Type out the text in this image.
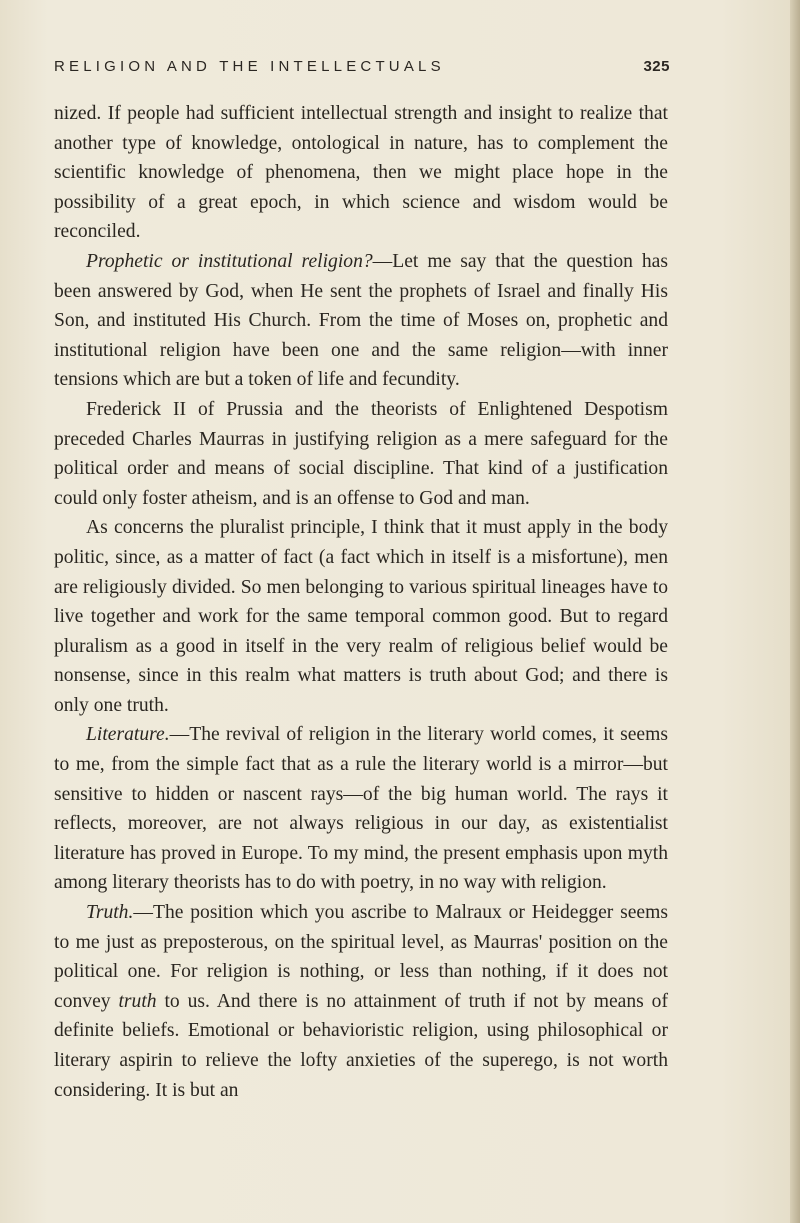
RELIGION AND THE INTELLECTUALS	325

nized. If people had sufficient intellectual strength and insight to realize that another type of knowledge, ontological in nature, has to complement the scientific knowledge of phenomena, then we might place hope in the possibility of a great epoch, in which science and wisdom would be reconciled.

Prophetic or institutional religion?—Let me say that the question has been answered by God, when He sent the prophets of Israel and finally His Son, and instituted His Church. From the time of Moses on, prophetic and institutional religion have been one and the same religion—with inner tensions which are but a token of life and fecundity.

Frederick II of Prussia and the theorists of Enlightened Despotism preceded Charles Maurras in justifying religion as a mere safeguard for the political order and means of social discipline. That kind of a justification could only foster atheism, and is an offense to God and man.

As concerns the pluralist principle, I think that it must apply in the body politic, since, as a matter of fact (a fact which in itself is a misfortune), men are religiously divided. So men belonging to various spiritual lineages have to live together and work for the same temporal common good. But to regard pluralism as a good in itself in the very realm of religious belief would be nonsense, since in this realm what matters is truth about God; and there is only one truth.

Literature.—The revival of religion in the literary world comes, it seems to me, from the simple fact that as a rule the literary world is a mirror—but sensitive to hidden or nascent rays—of the big human world. The rays it reflects, moreover, are not always religious in our day, as existentialist literature has proved in Europe. To my mind, the present emphasis upon myth among literary theorists has to do with poetry, in no way with religion.

Truth.—The position which you ascribe to Malraux or Heidegger seems to me just as preposterous, on the spiritual level, as Maurras' position on the political one. For religion is nothing, or less than nothing, if it does not convey truth to us. And there is no attainment of truth if not by means of definite beliefs. Emotional or behavioristic religion, using philosophical or literary aspirin to relieve the lofty anxieties of the superego, is not worth considering. It is but an
